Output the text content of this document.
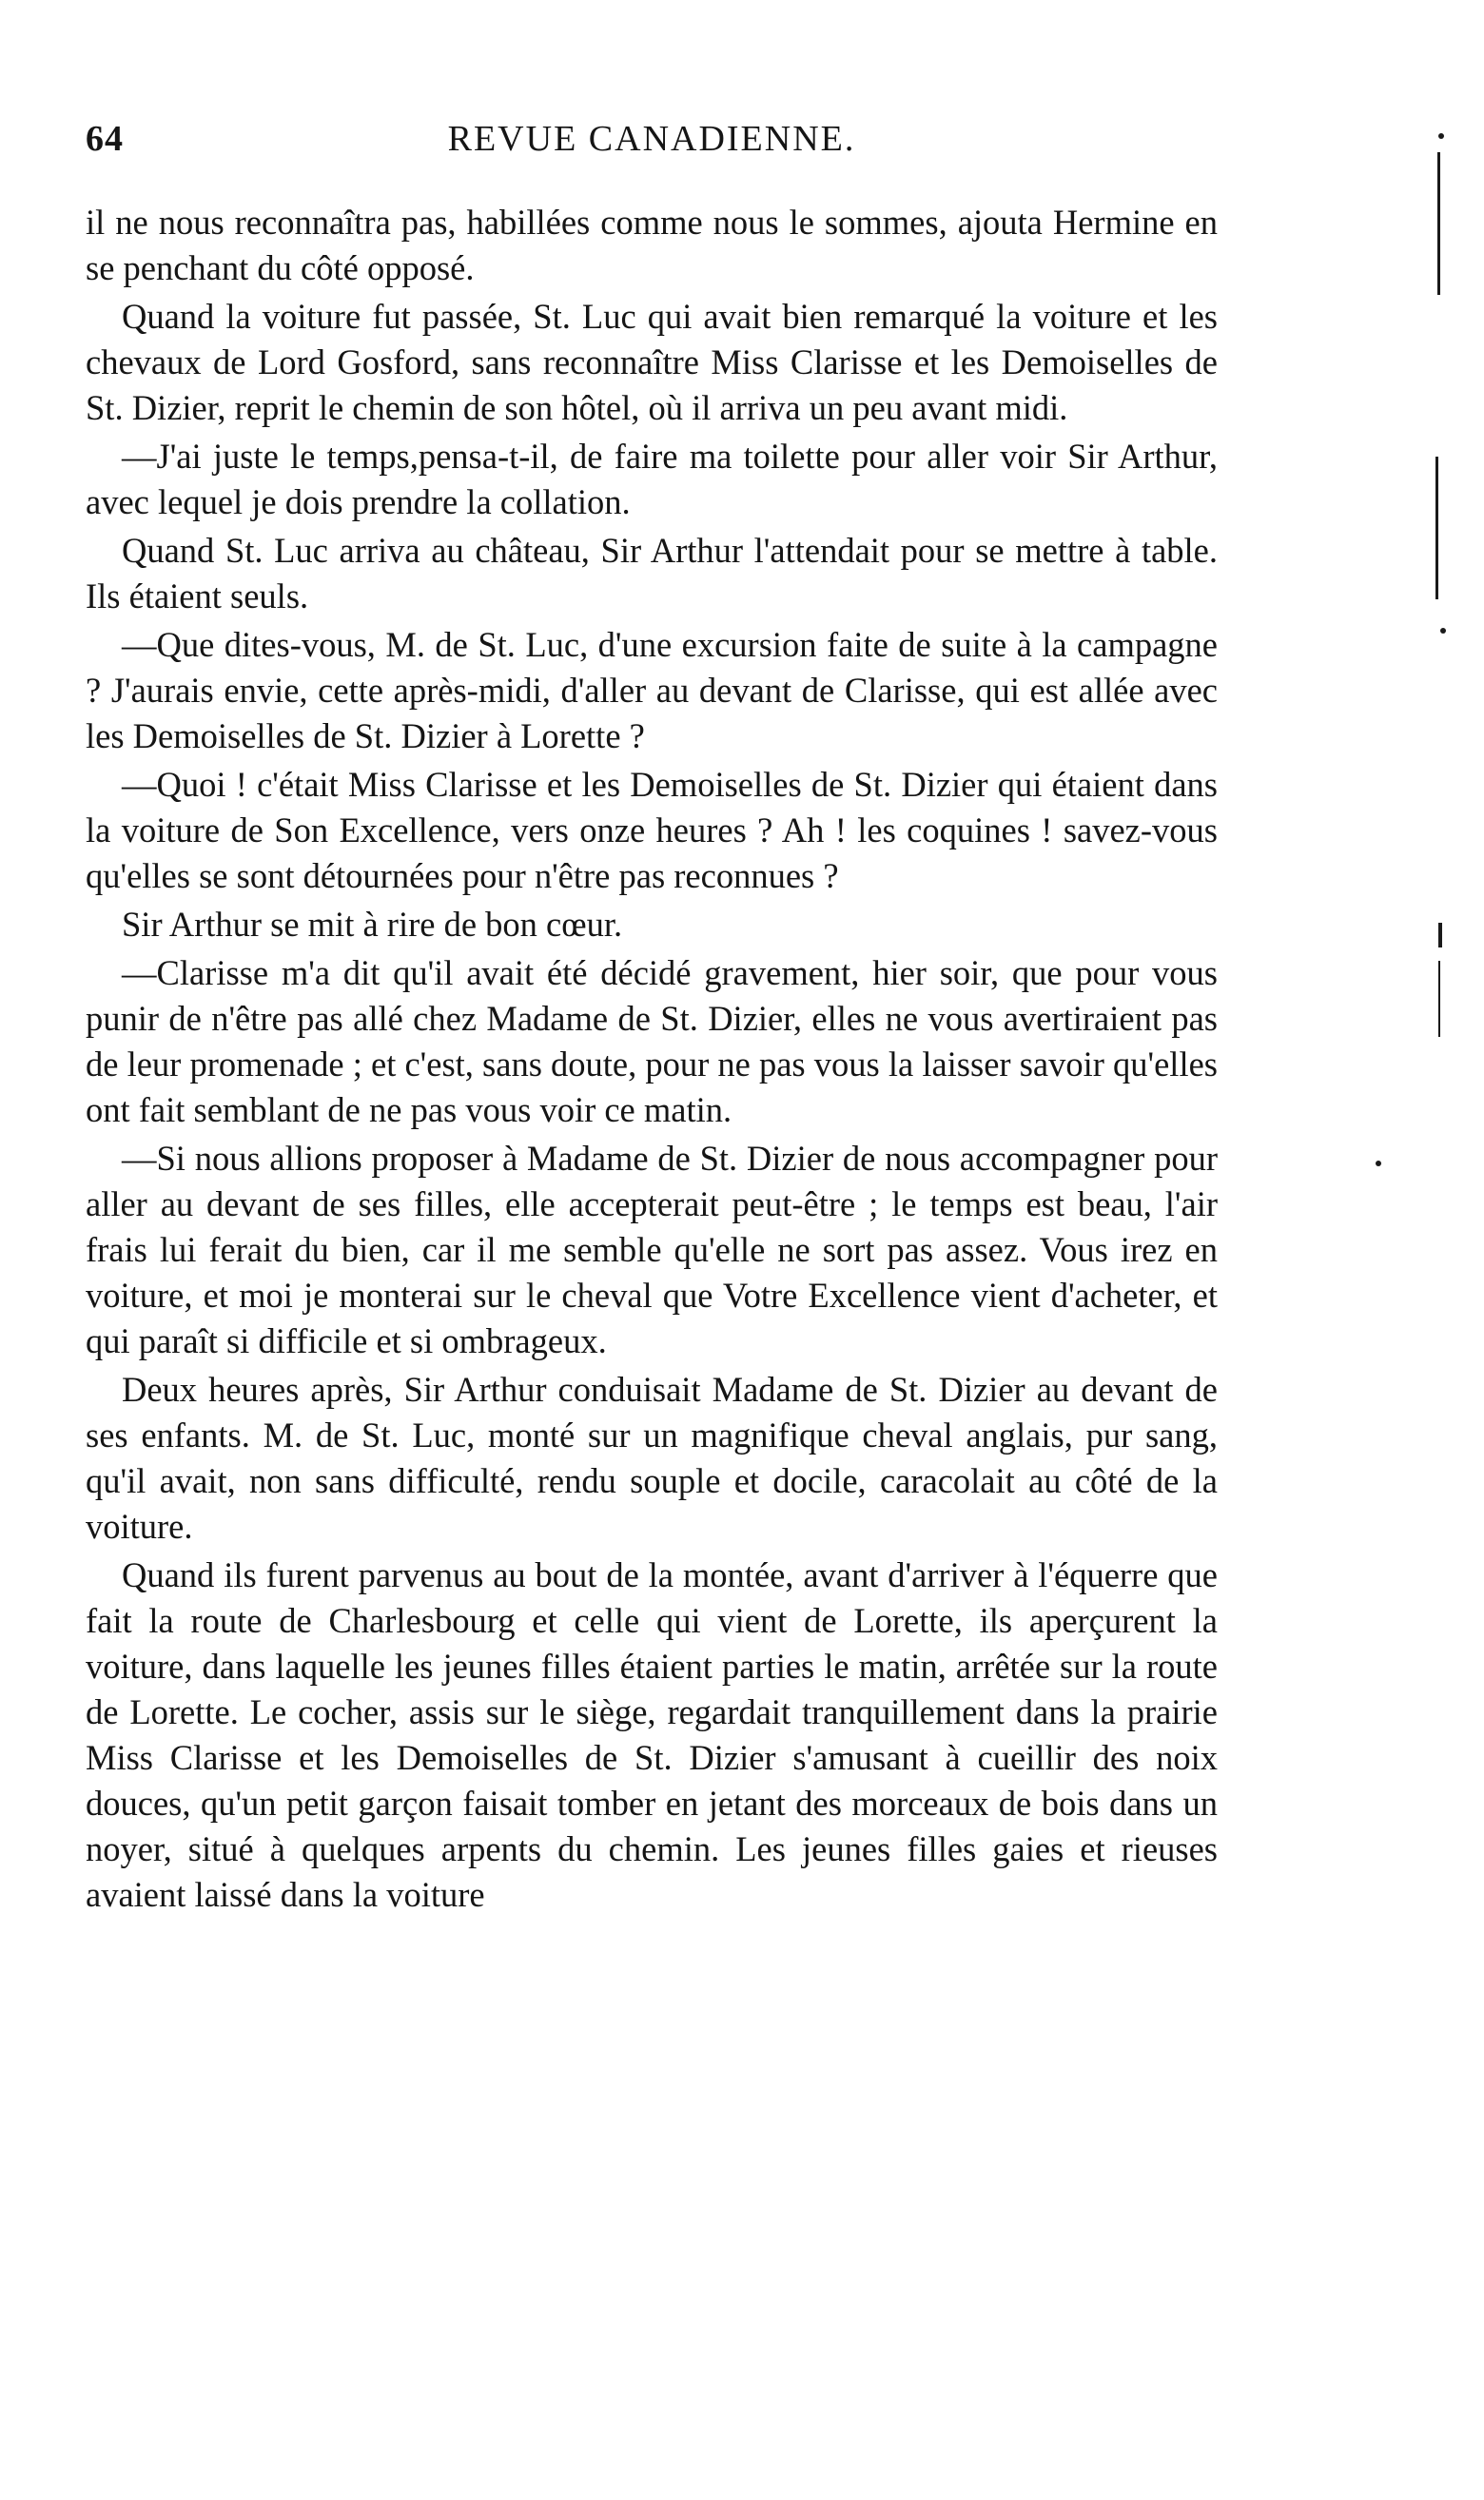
64	REVUE CANADIENNE.

il ne nous reconnaîtra pas, habillées comme nous le sommes, ajouta Hermine en se penchant du côté opposé.

Quand la voiture fut passée, St. Luc qui avait bien remarqué la voiture et les chevaux de Lord Gosford, sans reconnaître Miss Clarisse et les Demoiselles de St. Dizier, reprit le chemin de son hôtel, où il arriva un peu avant midi.

—J'ai juste le temps,pensa-t-il, de faire ma toilette pour aller voir Sir Arthur, avec lequel je dois prendre la collation.

Quand St. Luc arriva au château, Sir Arthur l'attendait pour se mettre à table. Ils étaient seuls.

—Que dites-vous, M. de St. Luc, d'une excursion faite de suite à la campagne ? J'aurais envie, cette après-midi, d'aller au devant de Clarisse, qui est allée avec les Demoiselles de St. Dizier à Lorette ?

—Quoi ! c'était Miss Clarisse et les Demoiselles de St. Dizier qui étaient dans la voiture de Son Excellence, vers onze heures ? Ah ! les coquines ! savez-vous qu'elles se sont détournées pour n'être pas reconnues ?

Sir Arthur se mit à rire de bon cœur.

—Clarisse m'a dit qu'il avait été décidé gravement, hier soir, que pour vous punir de n'être pas allé chez Madame de St. Dizier, elles ne vous avertiraient pas de leur promenade ; et c'est, sans doute, pour ne pas vous la laisser savoir qu'elles ont fait semblant de ne pas vous voir ce matin.

—Si nous allions proposer à Madame de St. Dizier de nous accompagner pour aller au devant de ses filles, elle accepterait peut-être ; le temps est beau, l'air frais lui ferait du bien, car il me semble qu'elle ne sort pas assez. Vous irez en voiture, et moi je monterai sur le cheval que Votre Excellence vient d'acheter, et qui paraît si difficile et si ombrageux.

Deux heures après, Sir Arthur conduisait Madame de St. Dizier au devant de ses enfants. M. de St. Luc, monté sur un magnifique cheval anglais, pur sang, qu'il avait, non sans difficulté, rendu souple et docile, caracolait au côté de la voiture.

Quand ils furent parvenus au bout de la montée, avant d'arriver à l'équerre que fait la route de Charlesbourg et celle qui vient de Lorette, ils aperçurent la voiture, dans laquelle les jeunes filles étaient parties le matin, arrêtée sur la route de Lorette. Le cocher, assis sur le siège, regardait tranquillement dans la prairie Miss Clarisse et les Demoiselles de St. Dizier s'amusant à cueillir des noix douces, qu'un petit garçon faisait tomber en jetant des morceaux de bois dans un noyer, situé à quelques arpents du chemin. Les jeunes filles gaies et rieuses avaient laissé dans la voiture
